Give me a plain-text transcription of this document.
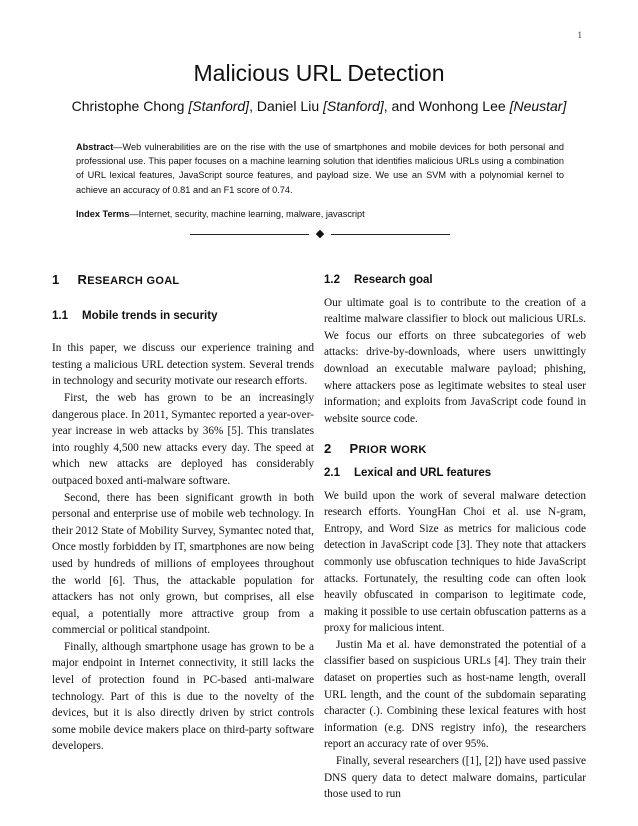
1
Malicious URL Detection
Christophe Chong [Stanford], Daniel Liu [Stanford], and Wonhong Lee [Neustar]

Abstract—Web vulnerabilities are on the rise with the use of smartphones and mobile devices for both personal and professional use. This paper focuses on a machine learning solution that identifies malicious URLs using a combination of URL lexical features, JavaScript source features, and payload size. We use an SVM with a polynomial kernel to achieve an accuracy of 0.81 and an F1 score of 0.74.

Index Terms—Internet, security, machine learning, malware, javascript

1 RESEARCH GOAL
1.1 Mobile trends in security

In this paper, we discuss our experience training and testing a malicious URL detection system. Several trends in technology and security motivate our research efforts.

First, the web has grown to be an increasingly dangerous place. In 2011, Symantec reported a year-over-year increase in web attacks by 36% [5]. This translates into roughly 4,500 new attacks every day. The speed at which new attacks are deployed has considerably outpaced boxed anti-malware software.

Second, there has been significant growth in both personal and enterprise use of mobile web technology. In their 2012 State of Mobility Survey, Symantec noted that, Once mostly forbidden by IT, smartphones are now being used by hundreds of millions of employees throughout the world [6]. Thus, the attackable population for attackers has not only grown, but comprises, all else equal, a potentially more attractive group from a commercial or political standpoint.

Finally, although smartphone usage has grown to be a major endpoint in Internet connectivity, it still lacks the level of protection found in PC-based anti-malware technology. Part of this is due to the novelty of the devices, but it is also directly driven by strict controls some mobile device makers place on third-party software developers.

1.2 Research goal

Our ultimate goal is to contribute to the creation of a realtime malware classifier to block out malicious URLs. We focus our efforts on three subcategories of web attacks: drive-by-downloads, where users unwittingly download an executable malware payload; phishing, where attackers pose as legitimate websites to steal user information; and exploits from JavaScript code found in website source code.

2 PRIOR WORK
2.1 Lexical and URL features

We build upon the work of several malware detection research efforts. YoungHan Choi et al. use N-gram, Entropy, and Word Size as metrics for malicious code detection in JavaScript code [3]. They note that attackers commonly use obfuscation techniques to hide JavaScript attacks. Fortunately, the resulting code can often look heavily obfuscated in comparison to legitimate code, making it possible to use certain obfuscation patterns as a proxy for malicious intent.

Justin Ma et al. have demonstrated the potential of a classifier based on suspicious URLs [4]. They train their dataset on properties such as host-name length, overall URL length, and the count of the subdomain separating character (.). Combining these lexical features with host information (e.g. DNS registry info), the researchers report an accuracy rate of over 95%.

Finally, several researchers ([1], [2]) have used passive DNS query data to detect malware domains, particular those used to run
